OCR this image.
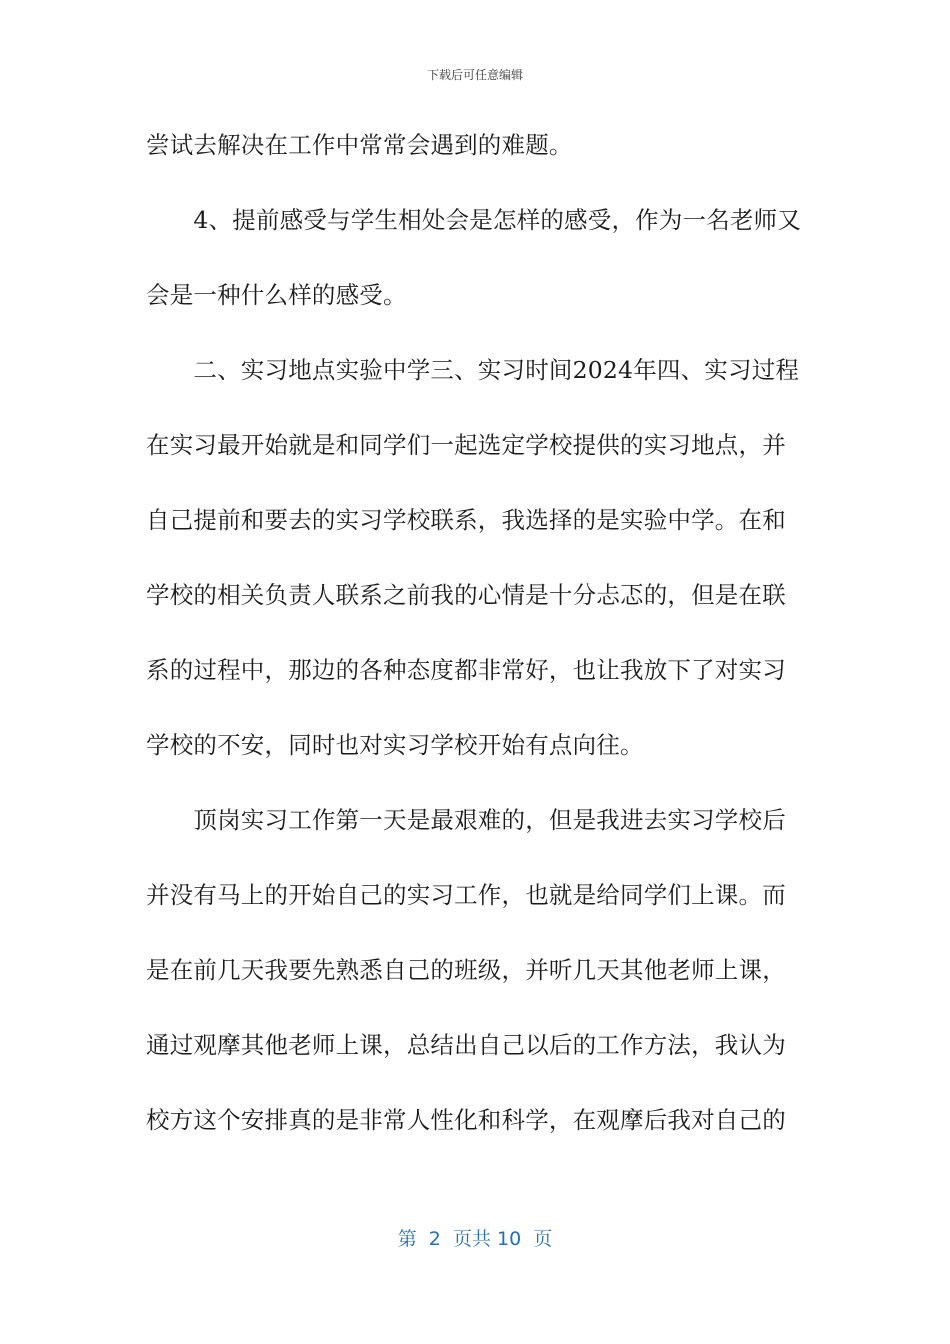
下载后可任意编辑
尝试去解决在工作中常常会遇到的难题。
　　4、提前感受与学生相处会是怎样的感受，作为一名老师又
会是一种什么样的感受。
　　二、实习地点实验中学三、实习时间2024年四、实习过程
在实习最开始就是和同学们一起选定学校提供的实习地点，并
自己提前和要去的实习学校联系，我选择的是实验中学。在和
学校的相关负责人联系之前我的心情是十分忐忑的，但是在联
系的过程中，那边的各种态度都非常好，也让我放下了对实习
学校的不安，同时也对实习学校开始有点向往。
　　顶岗实习工作第一天是最艰难的，但是我进去实习学校后
并没有马上的开始自己的实习工作，也就是给同学们上课。而
是在前几天我要先熟悉自己的班级，并听几天其他老师上课，
通过观摩其他老师上课，总结出自己以后的工作方法，我认为
校方这个安排真的是非常人性化和科学，在观摩后我对自己的
第  2  页共 10  页
